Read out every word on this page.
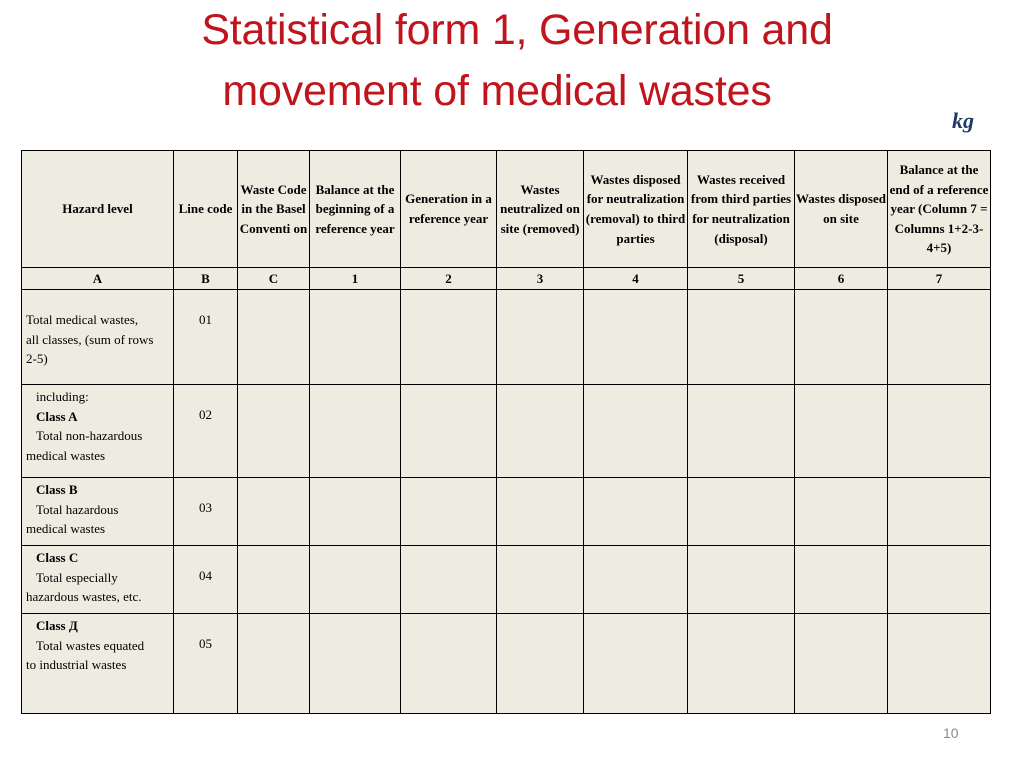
Statistical form 1, Generation and
movement of medical wastes
kg
Hazard level	Line code	Waste Code in the Basel Conventi on	Balance at the beginning of a reference year	Generation in a reference year	Wastes neutralized on site (removed)	Wastes disposed for neutralization (removal) to third parties	Wastes received from third parties for neutralization (disposal)	Wastes disposed on site	Balance at the end of a reference year (Column 7 = Columns 1+2-3-4+5)
A	B	C	1	2	3	4	5	6	7

Total medical wastes,
all classes, (sum of rows
2-5)	01								

including:
Class A
Total non-hazardous
medical wastes	02								

Class B
Total hazardous
medical wastes	03								

Class C
Total especially
hazardous wastes, etc.	04								

Class Д
Total wastes equated
to industrial wastes	05								
10
